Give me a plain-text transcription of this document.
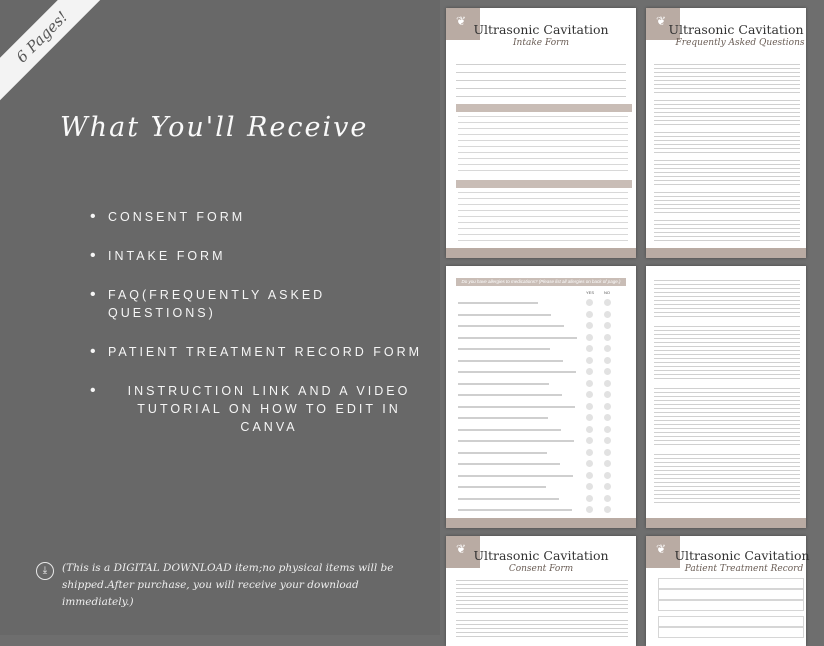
6 Pages!
What You'll Receive
• CONSENT FORM
• INTAKE FORM
• FAQ(FREQUENTLY ASKED QUESTIONS)
• PATIENT TREATMENT RECORD FORM
• INSTRUCTION LINK AND A VIDEO TUTORIAL ON HOW TO EDIT IN CANVA
⤓	(This is a DIGITAL DOWNLOAD item;no physical items will be shipped.After purchase, you will receive your download immediately.)
❦
Ultrasonic Cavitation
Intake Form
❦
Ultrasonic Cavitation
Frequently Asked Questions
Do you have allergies to medications? (Please list all allergies on back of page.)
YES NO
❦
Ultrasonic Cavitation
Consent Form
❦
Ultrasonic Cavitation
Patient Treatment Record
